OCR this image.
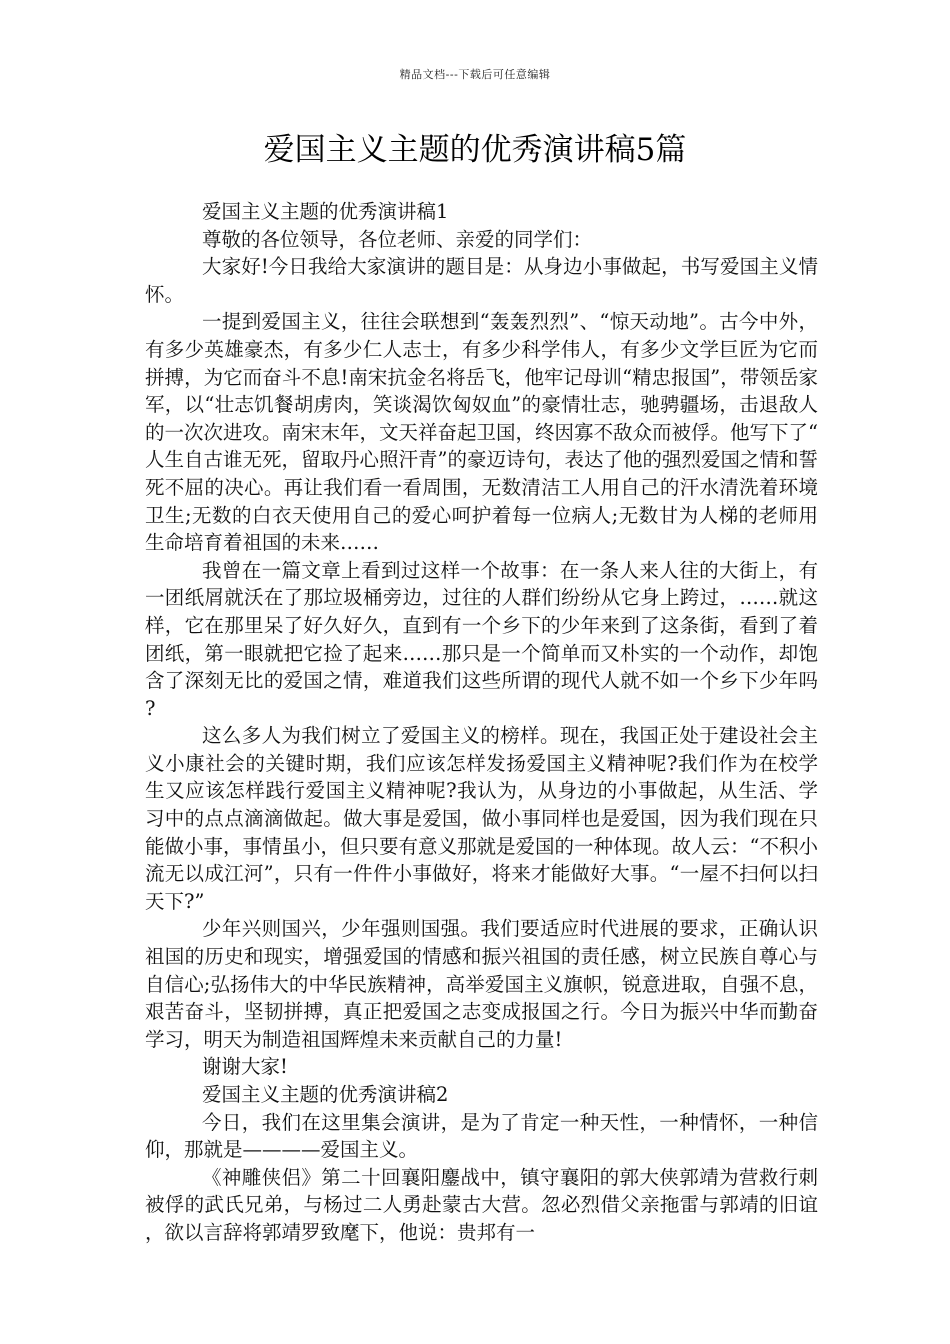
精品文档---下载后可任意编辑
爱国主义主题的优秀演讲稿5篇

爱国主义主题的优秀演讲稿1

尊敬的各位领导，各位老师、亲爱的同学们：

大家好!今日我给大家演讲的题目是：从身边小事做起，书写爱国主义情怀。

一提到爱国主义，往往会联想到“轰轰烈烈”、“惊天动地”。古今中外，有多少英雄豪杰，有多少仁人志士，有多少科学伟人，有多少文学巨匠为它而拼搏，为它而奋斗不息!南宋抗金名将岳飞，他牢记母训“精忠报国”，带领岳家军，以“壮志饥餐胡虏肉，笑谈渴饮匈奴血”的豪情壮志，驰骋疆场，击退敌人的一次次进攻。南宋末年，文天祥奋起卫国，终因寡不敌众而被俘。他写下了“人生自古谁无死，留取丹心照汗青”的豪迈诗句，表达了他的强烈爱国之情和誓死不屈的决心。再让我们看一看周围，无数清洁工人用自己的汗水清洗着环境卫生;无数的白衣天使用自己的爱心呵护着每一位病人;无数甘为人梯的老师用生命培育着祖国的未来……

我曾在一篇文章上看到过这样一个故事：在一条人来人往的大街上，有一团纸屑就沃在了那垃圾桶旁边，过往的人群们纷纷从它身上跨过，……就这样，它在那里呆了好久好久，直到有一个乡下的少年来到了这条街，看到了着团纸，第一眼就把它捡了起来……那只是一个简单而又朴实的一个动作，却饱含了深刻无比的爱国之情，难道我们这些所谓的现代人就不如一个乡下少年吗?

这么多人为我们树立了爱国主义的榜样。现在，我国正处于建设社会主义小康社会的关键时期，我们应该怎样发扬爱国主义精神呢?我们作为在校学生又应该怎样践行爱国主义精神呢?我认为，从身边的小事做起，从生活、学习中的点点滴滴做起。做大事是爱国，做小事同样也是爱国，因为我们现在只能做小事，事情虽小，但只要有意义那就是爱国的一种体现。故人云：“不积小流无以成江河”，只有一件件小事做好，将来才能做好大事。“一屋不扫何以扫天下?”

少年兴则国兴，少年强则国强。我们要适应时代进展的要求，正确认识祖国的历史和现实，增强爱国的情感和振兴祖国的责任感，树立民族自尊心与自信心;弘扬伟大的中华民族精神，高举爱国主义旗帜，锐意进取，自强不息，艰苦奋斗，坚韧拼搏，真正把爱国之志变成报国之行。今日为振兴中华而勤奋学习，明天为制造祖国辉煌未来贡献自己的力量!

谢谢大家!

爱国主义主题的优秀演讲稿2

今日，我们在这里集会演讲，是为了肯定一种天性，一种情怀，一种信仰，那就是————爱国主义。

《神雕侠侣》第二十回襄阳鏖战中，镇守襄阳的郭大侠郭靖为营救行刺被俘的武氏兄弟，与杨过二人勇赴蒙古大营。忽必烈借父亲拖雷与郭靖的旧谊，欲以言辞将郭靖罗致麾下，他说：贵邦有一
